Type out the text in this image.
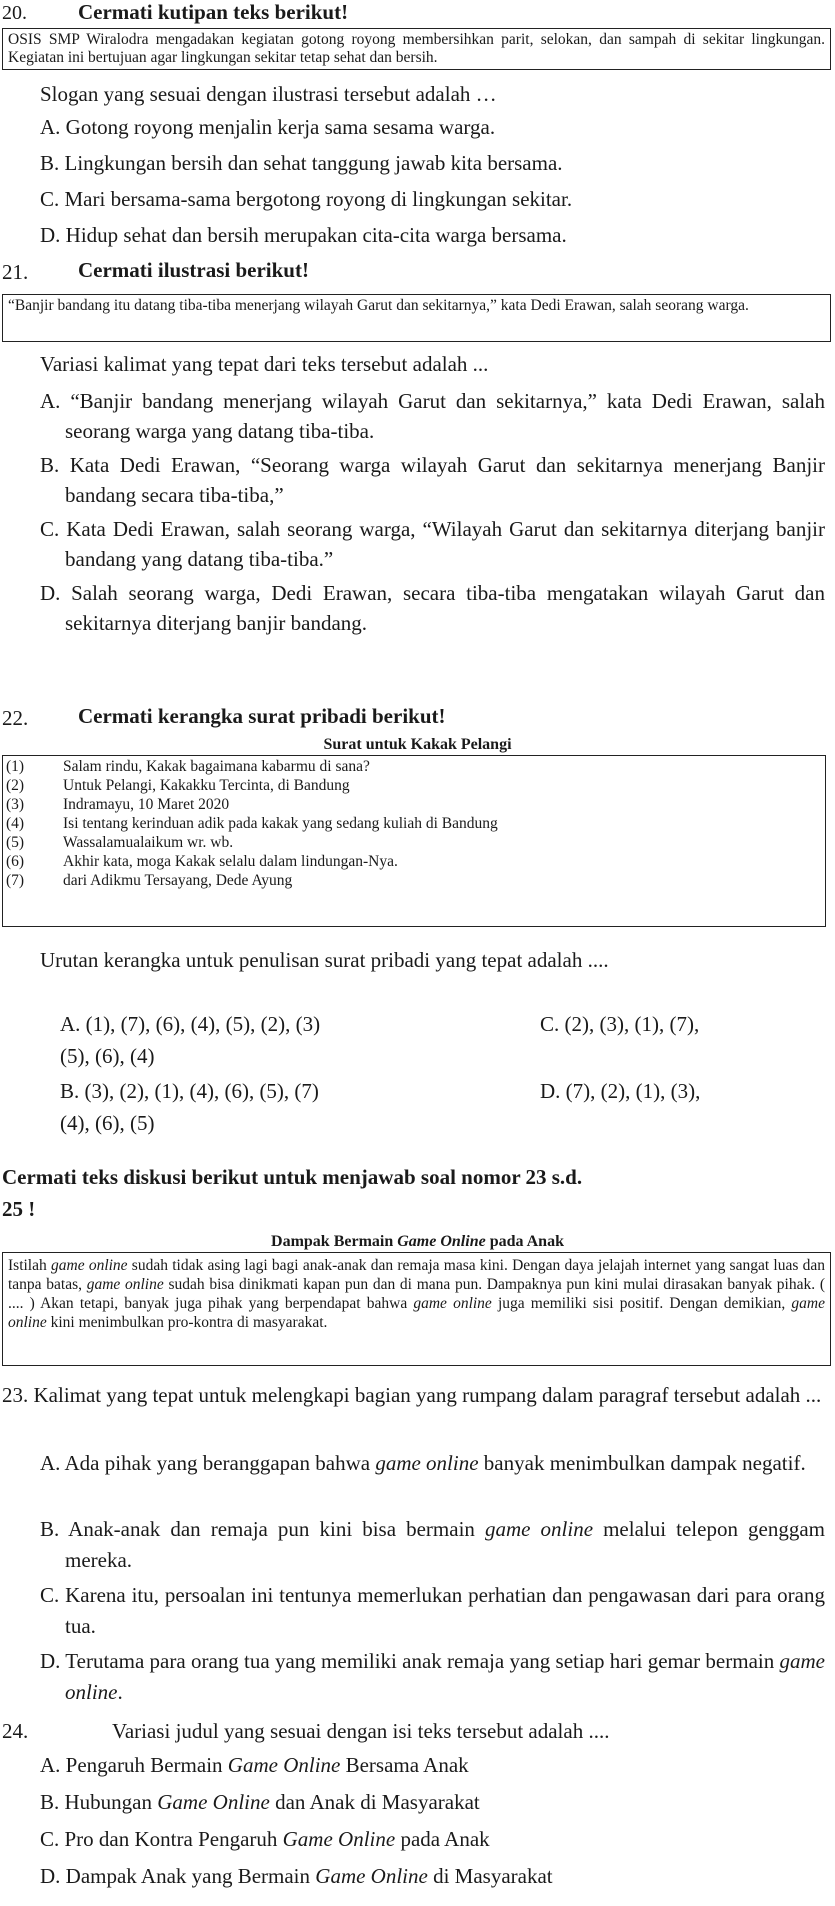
20. Cermati kutipan teks berikut!
OSIS SMP Wiralodra mengadakan kegiatan gotong royong membersihkan parit, selokan, dan sampah di sekitar lingkungan. Kegiatan ini bertujuan agar lingkungan sekitar tetap sehat dan bersih.
Slogan yang sesuai dengan ilustrasi tersebut adalah …
A. Gotong royong menjalin kerja sama sesama warga.
B. Lingkungan bersih dan sehat tanggung jawab kita bersama.
C. Mari bersama-sama bergotong royong di lingkungan sekitar.
D. Hidup sehat dan bersih merupakan cita-cita warga bersama.
21. Cermati ilustrasi berikut!
“Banjir bandang itu datang tiba-tiba menerjang wilayah Garut dan sekitarnya,” kata Dedi Erawan, salah seorang warga.
Variasi kalimat yang tepat dari teks tersebut adalah ...
A. “Banjir bandang menerjang wilayah Garut dan sekitarnya,” kata Dedi Erawan, salah seorang warga yang datang tiba-tiba.
B. Kata Dedi Erawan, “Seorang warga wilayah Garut dan sekitarnya menerjang Banjir bandang secara tiba-tiba,”
C. Kata Dedi Erawan, salah seorang warga, “Wilayah Garut dan sekitarnya diterjang banjir bandang yang datang tiba-tiba.”
D. Salah seorang warga, Dedi Erawan, secara tiba-tiba mengatakan wilayah Garut dan sekitarnya diterjang banjir bandang.
22. Cermati kerangka surat pribadi berikut!
Surat untuk Kakak Pelangi
(1)	Salam rindu, Kakak bagaimana kabarmu di sana?
(2)	Untuk Pelangi, Kakakku Tercinta, di Bandung
(3)	Indramayu, 10 Maret 2020
(4)	Isi tentang kerinduan adik pada kakak yang sedang kuliah di Bandung
(5)	Wassalamualaikum wr. wb.
(6)	Akhir kata, moga Kakak selalu dalam lindungan-Nya.
(7)	dari Adikmu Tersayang, Dede Ayung
Urutan kerangka untuk penulisan surat pribadi yang tepat adalah ....
A. (1), (7), (6), (4), (5), (2), (3)	C. (2), (3), (1), (7),
(5), (6), (4)
B. (3), (2), (1), (4), (6), (5), (7)	D. (7), (2), (1), (3),
(4), (6), (5)
Cermati teks diskusi berikut untuk menjawab soal nomor 23 s.d.
25 !
Dampak Bermain Game Online pada Anak
Istilah game online sudah tidak asing lagi bagi anak-anak dan remaja masa kini. Dengan daya jelajah internet yang sangat luas dan tanpa batas, game online sudah bisa dinikmati kapan pun dan di mana pun. Dampaknya pun kini mulai dirasakan banyak pihak. ( .... ) Akan tetapi, banyak juga pihak yang berpendapat bahwa game online juga memiliki sisi positif. Dengan demikian, game online kini menimbulkan pro-kontra di masyarakat.
23. Kalimat yang tepat untuk melengkapi bagian yang rumpang dalam paragraf tersebut adalah ...
A. Ada pihak yang beranggapan bahwa game online banyak menimbulkan dampak negatif.
B. Anak-anak dan remaja pun kini bisa bermain game online melalui telepon genggam mereka.
C. Karena itu, persoalan ini tentunya memerlukan perhatian dan pengawasan dari para orang tua.
D. Terutama para orang tua yang memiliki anak remaja yang setiap hari gemar bermain game online.
24.	Variasi judul yang sesuai dengan isi teks tersebut adalah ....
A. Pengaruh Bermain Game Online Bersama Anak
B. Hubungan Game Online dan Anak di Masyarakat
C. Pro dan Kontra Pengaruh Game Online pada Anak
D. Dampak Anak yang Bermain Game Online di Masyarakat
